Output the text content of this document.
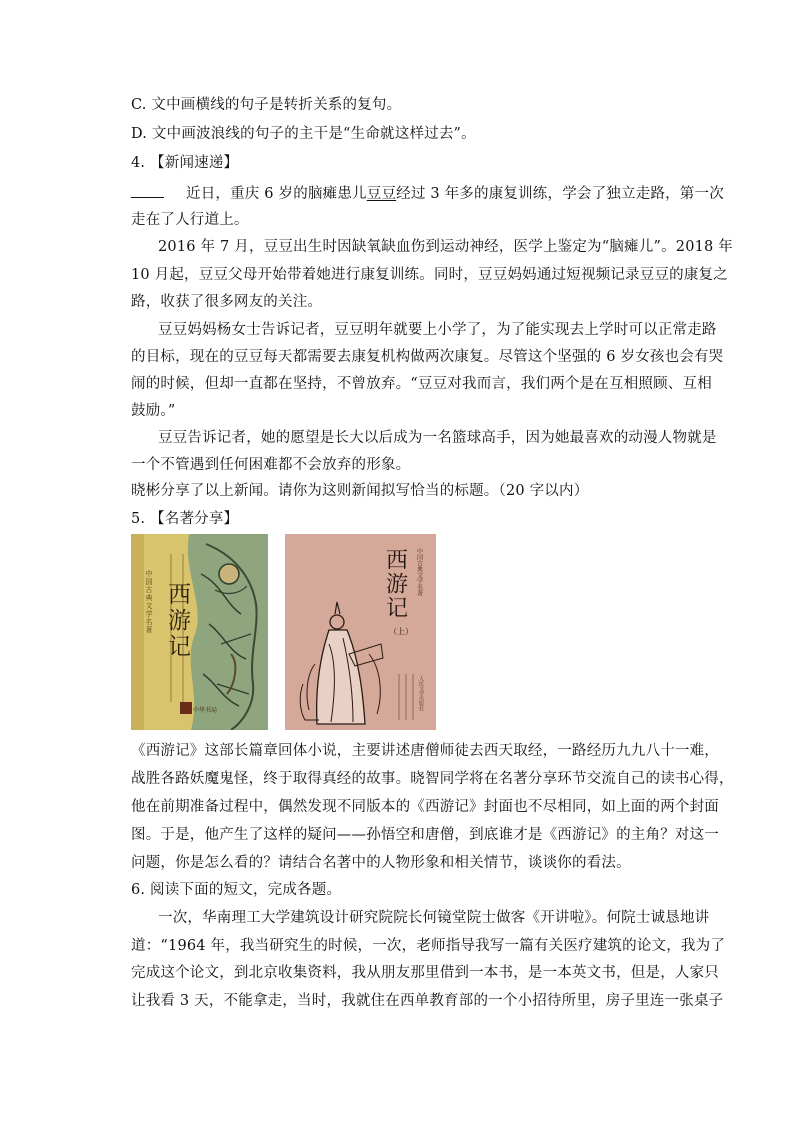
C. 文中画横线的句子是转折关系的复句。
D. 文中画波浪线的句子的主干是“生命就这样过去”。
4. 【新闻速递】
近日，重庆 6 岁的脑瘫患儿豆豆经过 3 年多的康复训练，学会了独立走路，第一次
走在了人行道上。
2016 年 7 月，豆豆出生时因缺氧缺血伤到运动神经，医学上鉴定为“脑瘫儿”。2018 年
10 月起，豆豆父母开始带着她进行康复训练。同时，豆豆妈妈通过短视频记录豆豆的康复之
路，收获了很多网友的关注。
豆豆妈妈杨女士告诉记者，豆豆明年就要上小学了，为了能实现去上学时可以正常走路
的目标，现在的豆豆每天都需要去康复机构做两次康复。尽管这个坚强的 6 岁女孩也会有哭
闹的时候，但却一直都在坚持，不曾放弃。“豆豆对我而言，我们两个是在互相照顾、互相
鼓励。”
豆豆告诉记者，她的愿望是长大以后成为一名篮球高手，因为她最喜欢的动漫人物就是
一个不管遇到任何困难都不会放弃的形象。
晓彬分享了以上新闻。请你为这则新闻拟写恰当的标题。（20 字以内）
5. 【名著分享】
中国古典文学名著 西游记
中华书局
西游记 中国古典文学名著
（上）
人民文学出版社
《西游记》这部长篇章回体小说，主要讲述唐僧师徒去西天取经，一路经历九九八十一难，
战胜各路妖魔鬼怪，终于取得真经的故事。晓智同学将在名著分享环节交流自己的读书心得，
他在前期准备过程中，偶然发现不同版本的《西游记》封面也不尽相同，如上面的两个封面
图。于是，他产生了这样的疑问——孙悟空和唐僧，到底谁才是《西游记》的主角？对这一
问题，你是怎么看的？请结合名著中的人物形象和相关情节，谈谈你的看法。
6. 阅读下面的短文，完成各题。
一次，华南理工大学建筑设计研究院院长何镜堂院士做客《开讲啦》。何院士诚恳地讲
道：“1964 年，我当研究生的时候，一次，老师指导我写一篇有关医疗建筑的论文，我为了
完成这个论文，到北京收集资料，我从朋友那里借到一本书，是一本英文书，但是，人家只
让我看 3 天，不能拿走，当时，我就住在西单教育部的一个小招待所里，房子里连一张桌子
